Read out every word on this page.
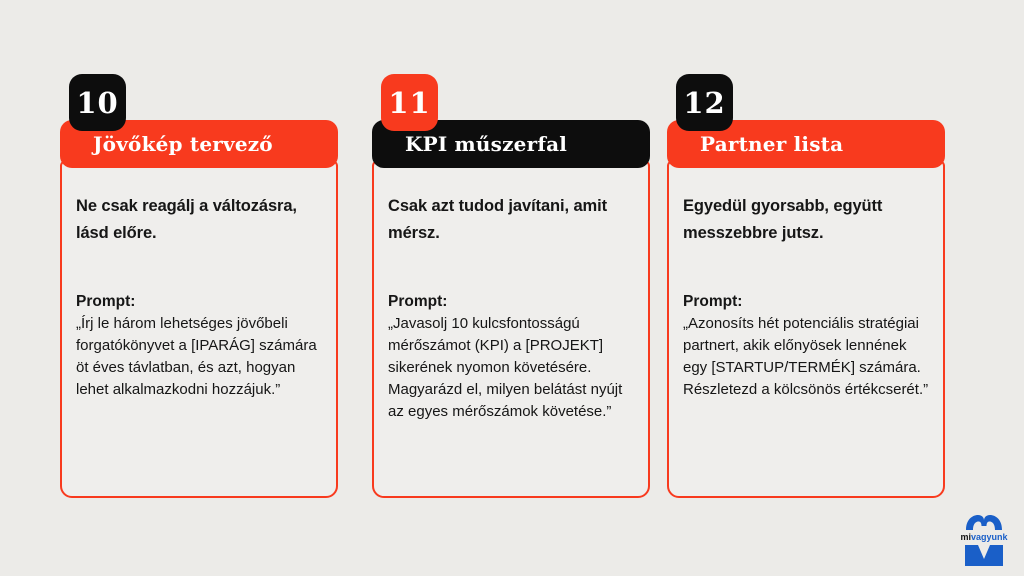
10
Jövőkép tervező

Ne csak reagálj a változásra, lásd előre.

Prompt:

„Írj le három lehetséges jövőbeli forgatókönyvet a [IPARÁG] számára öt éves távlatban, és azt, hogyan lehet alkalmazkodni hozzájuk.”

11
KPI műszerfal

Csak azt tudod javítani, amit mérsz.

Prompt:

„Javasolj 10 kulcsfontosságú mérőszámot (KPI) a [PROJEKT] sikerének nyomon követésére. Magyarázd el, milyen belátást nyújt az egyes mérőszámok követése.”

12
Partner lista

Egyedül gyorsabb, együtt messzebbre jutsz.

Prompt:

„Azonosíts hét potenciális stratégiai partnert, akik előnyösek lennének egy [STARTUP/TERMÉK] számára. Részletezd a kölcsönös értékcserét.”

mivagyunk
